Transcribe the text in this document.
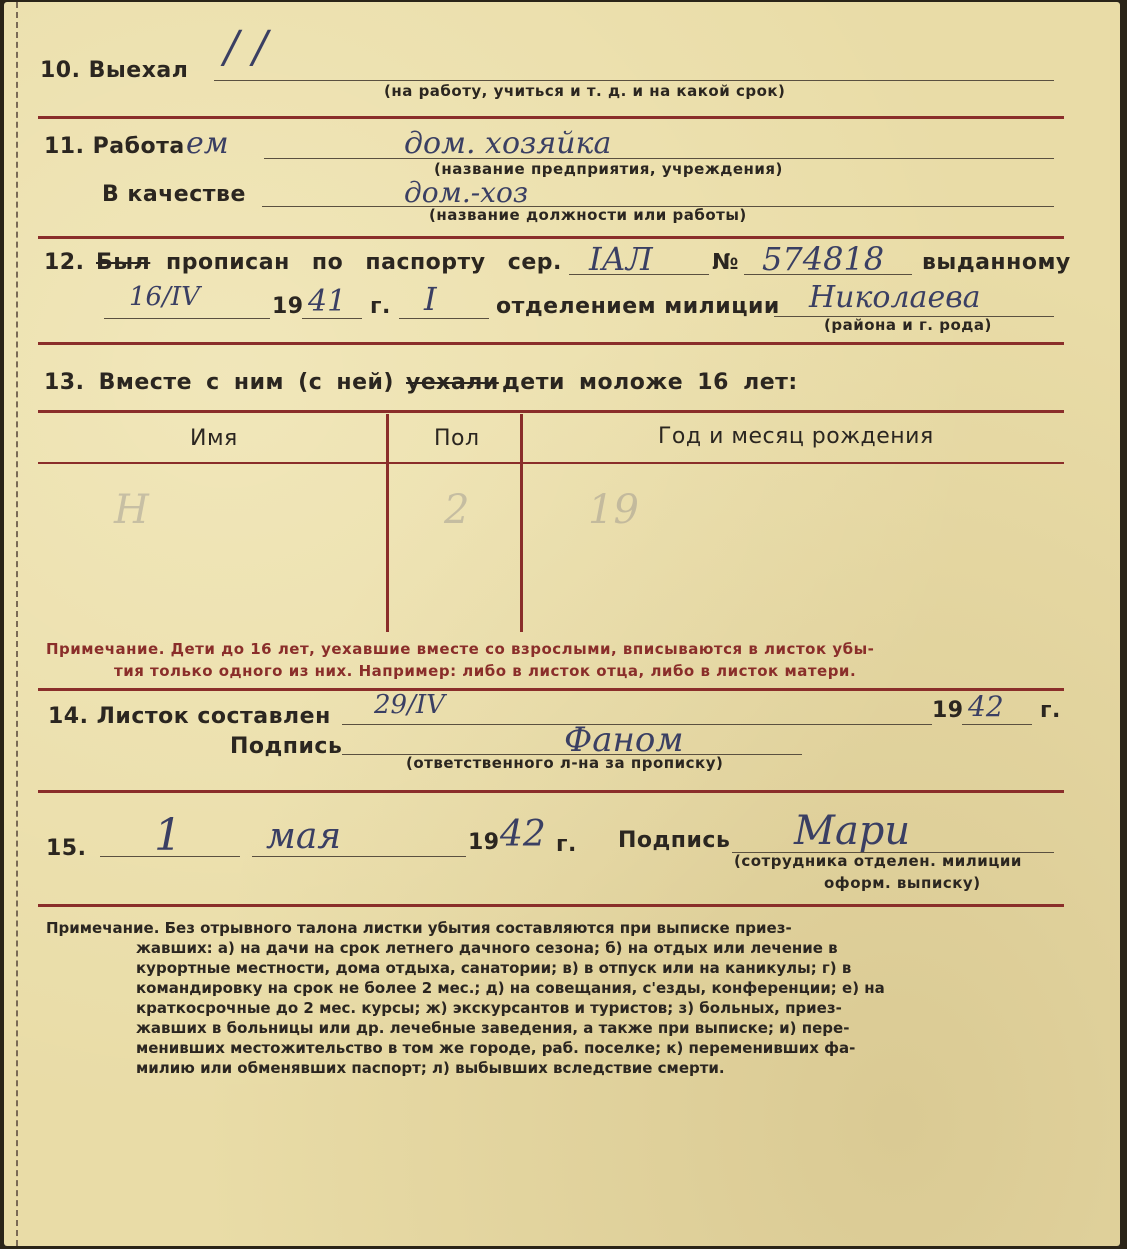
10. Выехал / /
(на работу, учиться и т. д. и на какой срок)
11. Работа ем	дом. хозяйка
(название предприятия, учреждения)
В качестве	дом.-хоз
(название должности или работы)
12. Был прописан по паспорту сер. IАЛ	№ 574818 выданному
16/IV	19 41 г. I	отделением милиции Николаева
(района и г. рода)
13. Вместе с ним (с ней) уехали дети моложе 16 лет:
Имя	Пол	Год и месяц рождения
Н	2	19
Примечание. Дети до 16 лет, уехавшие вместе со взрослыми, вписываются в листок убы-
тия только одного из них. Например: либо в листок отца, либо в листок матери.
14. Листок составлен 29/IV	19 42 г.
Подпись	Фаном
(ответственного л-на за прописку)
15. 1 мая	19 42 г. Подпись Мари
(сотрудника отделен. милиции
оформ. выписку)
Примечание. Без отрывного талона листки убытия составляются при выписке приез-
жавших: а) на дачи на срок летнего дачного сезона; б) на отдых или лечение в
курортные местности, дома отдыха, санатории; в) в отпуск или на каникулы; г) в
командировку на срок не более 2 мес.; д) на совещания, с'езды, конференции; е) на
краткосрочные до 2 мес. курсы; ж) экскурсантов и туристов; з) больных, приез-
жавших в больницы или др. лечебные заведения, а также при выписке; и) пере-
менивших местожительство в том же городе, раб. поселке; к) переменивших фа-
милию или обменявших паспорт; л) выбывших вследствие смерти.
